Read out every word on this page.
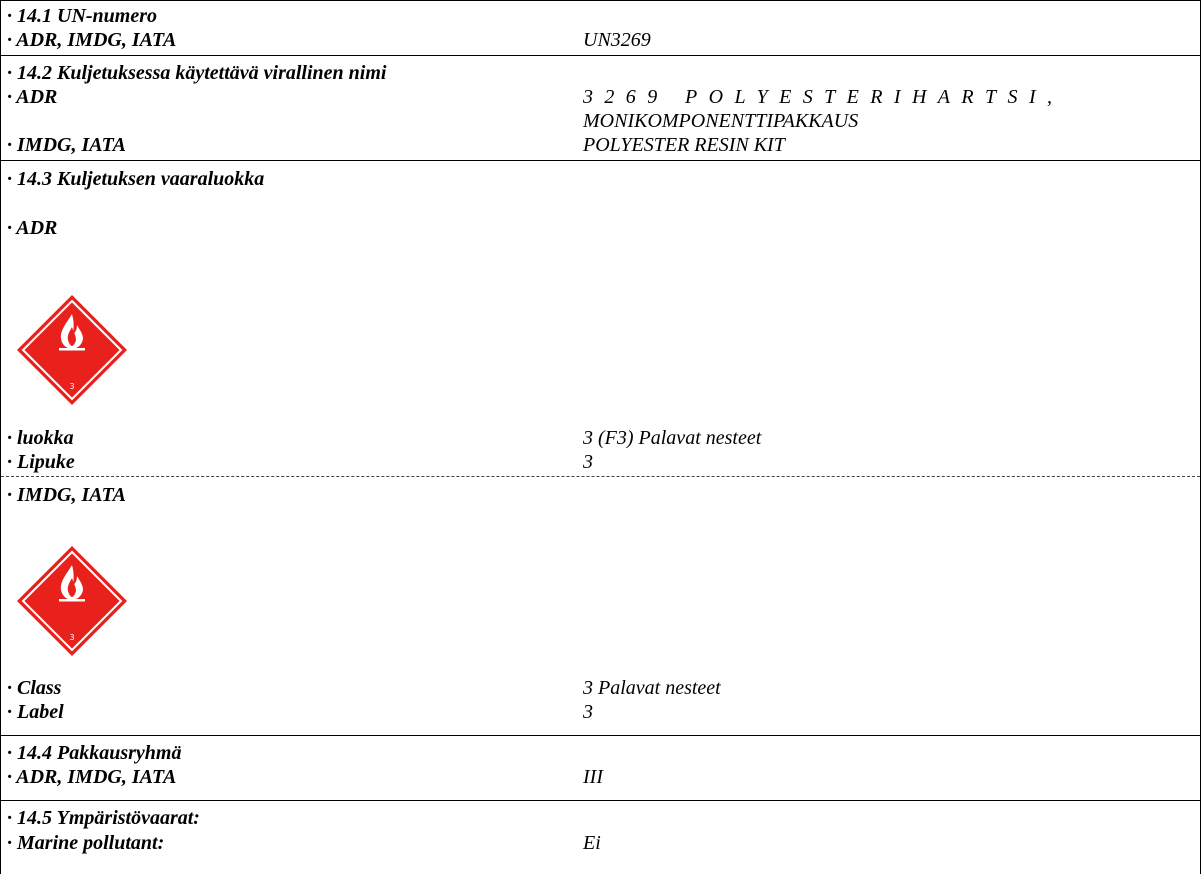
· 14.1 UN-numero
· ADR, IMDG, IATA	UN3269
· 14.2 Kuljetuksessa käytettävä virallinen nimi
· ADR	3269 POLYESTERIHARTSI,
MONIKOMPONENTTIPAKKAUS
· IMDG, IATA	POLYESTER RESIN KIT
· 14.3 Kuljetuksen vaaraluokka
· ADR
3
· luokka	3 (F3) Palavat nesteet
· Lipuke	3
· IMDG, IATA
3
· Class	3 Palavat nesteet
· Label	3
· 14.4 Pakkausryhmä
· ADR, IMDG, IATA	III
· 14.5 Ympäristövaarat:
· Marine pollutant:	Ei
